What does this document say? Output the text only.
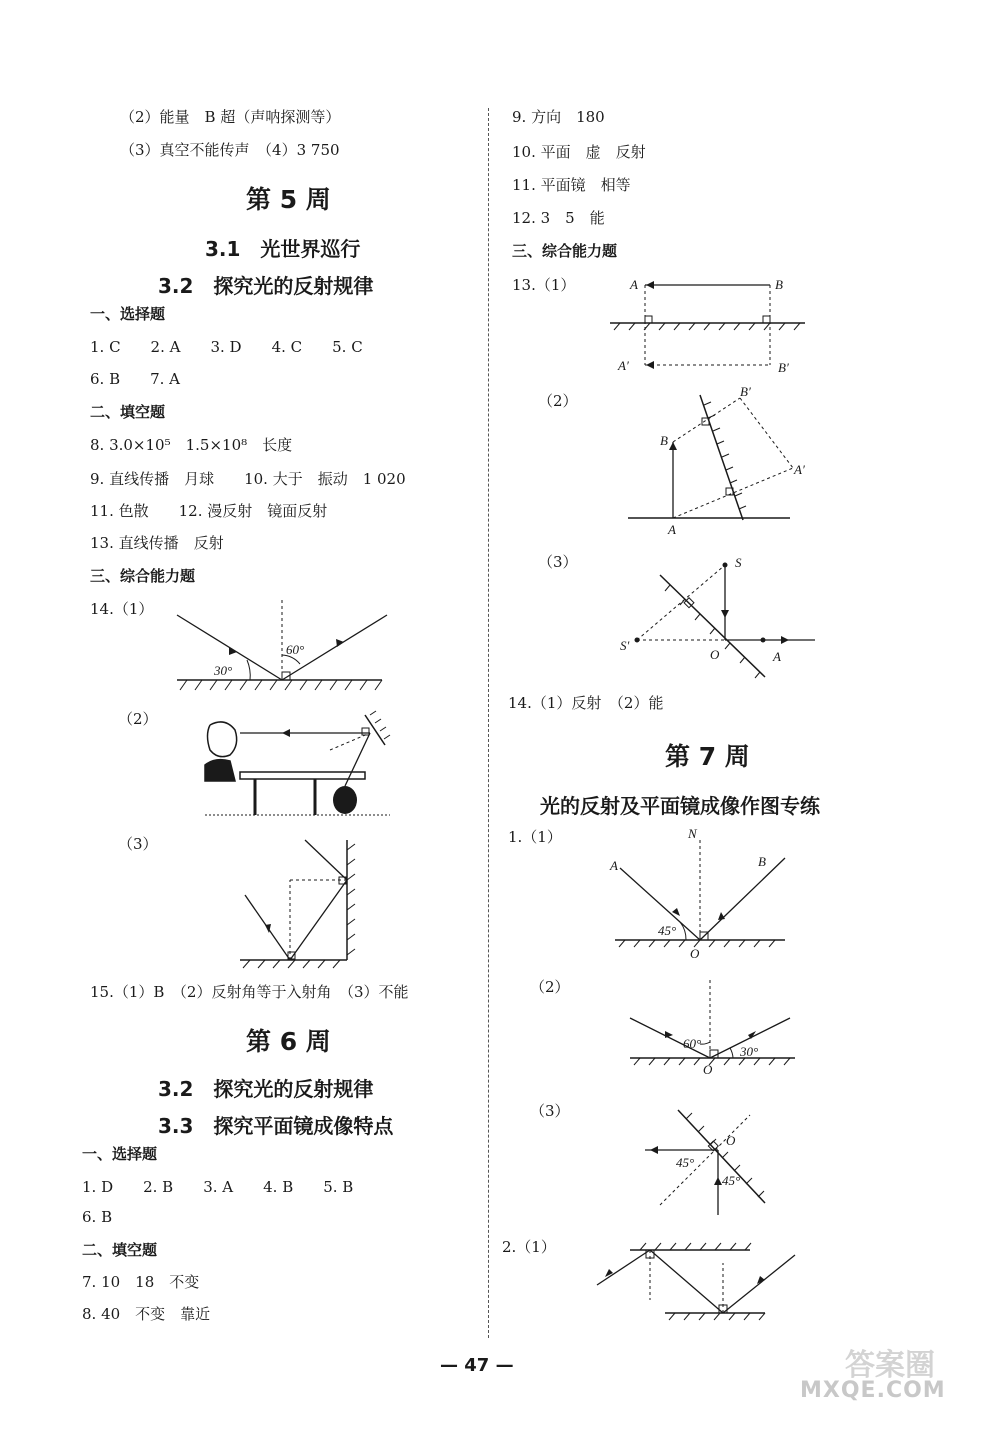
（2）能量　B 超（声呐探测等）
（3）真空不能传声　（4）3 750
第 5 周
3.1　光世界巡行
3.2　探究光的反射规律
一、选择题
1. C　　2. A　　3. D　　4. C　　5. C
6. B　　7. A
二、填空题
8. 3.0×10⁵　1.5×10⁸　长度
9. 直线传播　月球　　10. 大于　振动　1 020
11. 色散　　12. 漫反射　镜面反射
13. 直线传播　反射
三、综合能力题
14.（1）
（2）
（3）
15.（1）B　（2）反射角等于入射角　（3）不能
第 6 周
3.2　探究光的反射规律
3.3　探究平面镜成像特点
一、选择题
1. D　　2. B　　3. A　　4. B　　5. B
6. B
二、填空题
7. 10　18　不变
8. 40　不变　靠近
9. 方向　180
10. 平面　虚　反射
11. 平面镜　相等
12. 3　5　能
三、综合能力题
13.（1）
（2）
（3）
14.（1）反射　（2）能
第 7 周
光的反射及平面镜成像作图专练
1.（1）
（2）
（3）
2.（1）
30°
60°
A	B
A′	B′
B
B′
A′
A
S
S′
O	A
A	B
N
45°
O
60°
30°
O
O
45°
45°
— 47 —	答案圈
MXQE.COM
